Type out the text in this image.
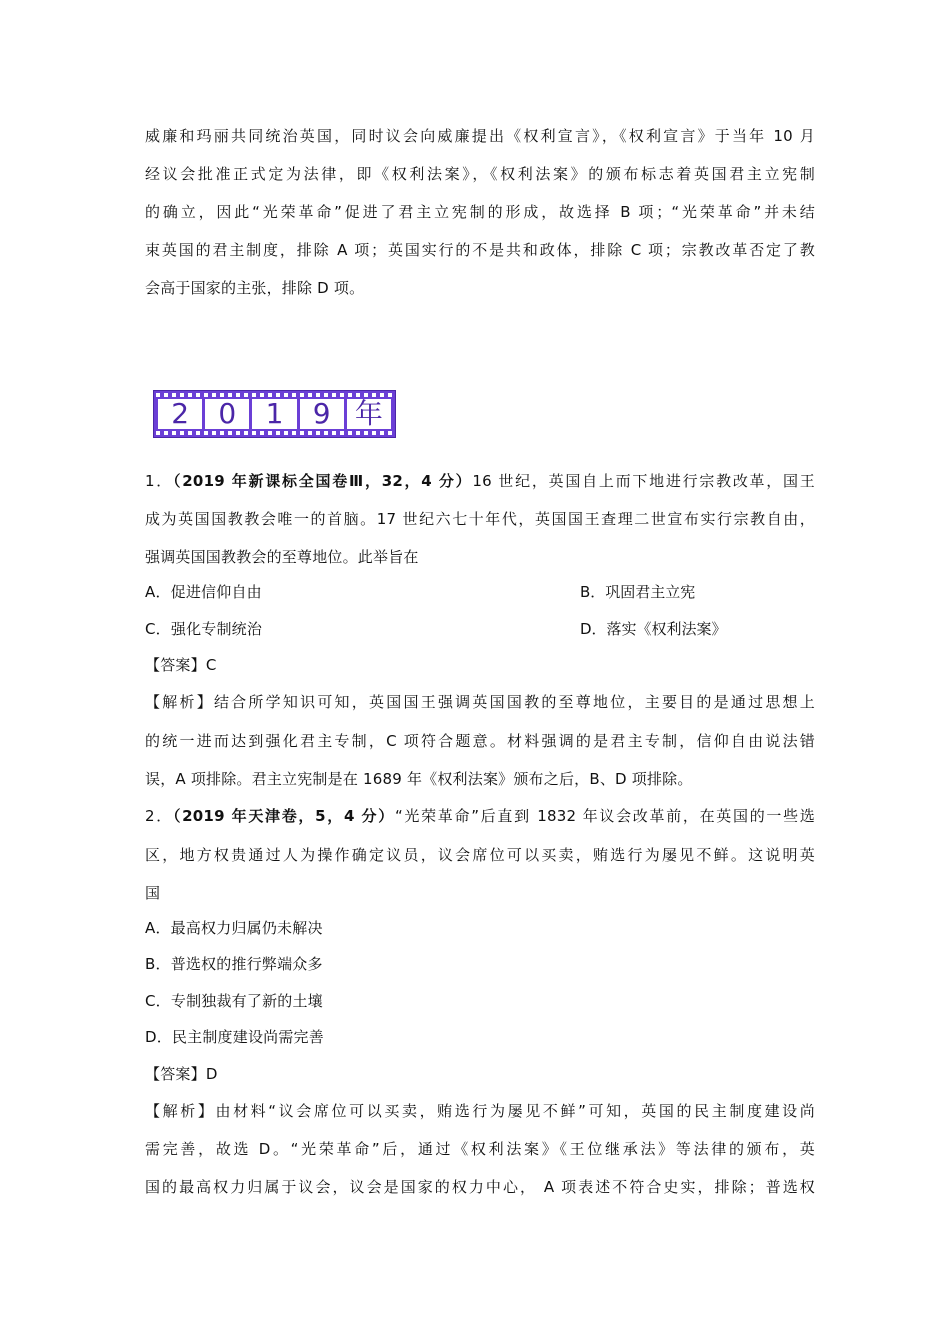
威廉和玛丽共同统治英国，同时议会向威廉提出《权利宣言》，《权利宣言》于当年 10 月
经议会批准正式定为法律，即《权利法案》，《权利法案》的颁布标志着英国君主立宪制
的确立，因此“光荣革命”促进了君主立宪制的形成，故选择 B 项；“光荣革命”并未结
束英国的君主制度，排除 A 项；英国实行的不是共和政体，排除 C 项；宗教改革否定了教
会高于国家的主张，排除 D 项。
2	0	1	9 年
1．（2019 年新课标全国卷Ⅲ，32，4 分）16 世纪，英国自上而下地进行宗教改革，国王
成为英国国教教会唯一的首脑。17 世纪六七十年代，英国国王查理二世宣布实行宗教自由，
强调英国国教教会的至尊地位。此举旨在
A．促进信仰自由	B．巩固君主立宪
C．强化专制统治	D．落实《权利法案》
【答案】C
【解析】结合所学知识可知，英国国王强调英国国教的至尊地位，主要目的是通过思想上
的统一进而达到强化君主专制，C 项符合题意。材料强调的是君主专制，信仰自由说法错
误，A 项排除。君主立宪制是在 1689 年《权利法案》颁布之后，B、D 项排除。
2．（2019 年天津卷，5，4 分）“光荣革命”后直到 1832 年议会改革前，在英国的一些选
区，地方权贵通过人为操作确定议员，议会席位可以买卖，贿选行为屡见不鲜。这说明英
国
A．最高权力归属仍未解决
B．普选权的推行弊端众多
C．专制独裁有了新的土壤
D．民主制度建设尚需完善
【答案】D
【解析】由材料“议会席位可以买卖，贿选行为屡见不鲜”可知，英国的民主制度建设尚
需完善，故选 D。“光荣革命”后，通过《权利法案》《王位继承法》等法律的颁布，英
国的最高权力归属于议会，议会是国家的权力中心， A 项表述不符合史实，排除；普选权
